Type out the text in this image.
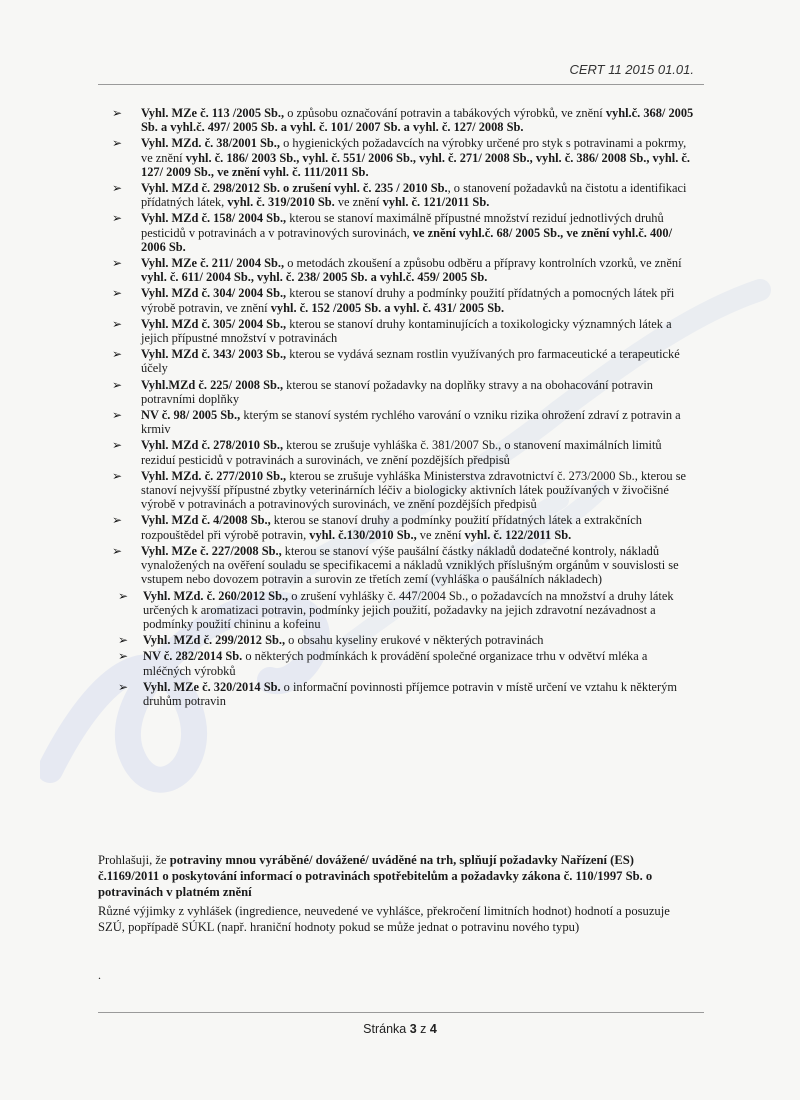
CERT 11 2015 01.01.
➢ Vyhl. MZe č. 113 /2005 Sb., o způsobu označování potravin a tabákových výrobků, ve znění vyhl.č. 368/ 2005 Sb. a vyhl.č. 497/ 2005 Sb. a vyhl. č. 101/ 2007 Sb. a vyhl. č. 127/ 2008 Sb.
➢ Vyhl. MZd. č. 38/2001 Sb., o hygienických požadavcích na výrobky určené pro styk s potravinami a pokrmy, ve znění vyhl. č. 186/ 2003 Sb., vyhl. č. 551/ 2006 Sb., vyhl. č. 271/ 2008 Sb., vyhl. č. 386/ 2008 Sb., vyhl. č. 127/ 2009 Sb., ve znění vyhl. č. 111/2011 Sb.
➢ Vyhl. MZd č. 298/2012 Sb. o zrušení vyhl. č. 235 / 2010 Sb., o stanovení požadavků na čistotu a identifikaci přídatných látek, vyhl. č. 319/2010 Sb. ve znění vyhl. č. 121/2011 Sb.
➢ Vyhl. MZd č. 158/ 2004 Sb., kterou se stanoví maximálně přípustné množství reziduí jednotlivých druhů pesticidů v potravinách a v potravinových surovinách, ve znění vyhl.č. 68/ 2005 Sb., ve znění vyhl.č. 400/ 2006 Sb.
➢ Vyhl. MZe č. 211/ 2004 Sb., o metodách zkoušení a způsobu odběru a přípravy kontrolních vzorků, ve znění vyhl. č. 611/ 2004 Sb., vyhl. č. 238/ 2005 Sb. a vyhl.č. 459/ 2005 Sb.
➢ Vyhl. MZd č. 304/ 2004 Sb., kterou se stanoví druhy a podmínky použití přídatných a pomocných látek při výrobě potravin, ve znění vyhl. č. 152 /2005 Sb. a vyhl. č. 431/ 2005 Sb.
➢ Vyhl. MZd č. 305/ 2004 Sb., kterou se stanoví druhy kontaminujících a toxikologicky významných látek a jejich přípustné množství v potravinách
➢ Vyhl. MZd č. 343/ 2003 Sb., kterou se vydává seznam rostlin využívaných pro farmaceutické a terapeutické účely
➢ Vyhl.MZd č. 225/ 2008 Sb., kterou se stanoví požadavky na doplňky stravy a na obohacování potravin potravními doplňky
➢ NV č. 98/ 2005 Sb., kterým se stanoví systém rychlého varování o vzniku rizika ohrožení zdraví z potravin a krmiv
➢ Vyhl. MZd č. 278/2010 Sb., kterou se zrušuje vyhláška č. 381/2007 Sb., o stanovení maximálních limitů reziduí pesticidů v potravinách a surovinách, ve znění pozdějších předpisů
➢ Vyhl. MZd. č. 277/2010 Sb., kterou se zrušuje vyhláška Ministerstva zdravotnictví č. 273/2000 Sb., kterou se stanoví nejvyšší přípustné zbytky veterinárních léčiv a biologicky aktivních látek používaných v živočišné výrobě v potravinách a potravinových surovinách, ve znění pozdějších předpisů
➢ Vyhl. MZd č. 4/2008 Sb., kterou se stanoví druhy a podmínky použití přídatných látek a extrakčních rozpouštědel při výrobě potravin, vyhl. č.130/2010 Sb., ve znění vyhl. č. 122/2011 Sb.
➢ Vyhl. MZe č. 227/2008 Sb., kterou se stanoví výše paušální částky nákladů dodatečné kontroly, nákladů vynaložených na ověření souladu se specifikacemi a nákladů vzniklých příslušným orgánům v souvislosti se vstupem nebo dovozem potravin a surovin ze třetích zemí (vyhláška o paušálních nákladech)
➢ Vyhl. MZd. č. 260/2012 Sb., o zrušení vyhlášky č. 447/2004 Sb., o požadavcích na množství a druhy látek určených k aromatizaci potravin, podmínky jejich použití, požadavky na jejich zdravotní nezávadnost a podmínky použití chininu a kofeinu
➢ Vyhl. MZd č. 299/2012 Sb., o obsahu kyseliny erukové v některých potravinách
➢ NV č. 282/2014 Sb. o některých podmínkách k provádění společné organizace trhu v odvětví mléka a mléčných výrobků
➢ Vyhl. MZe č. 320/2014 Sb. o informační povinnosti příjemce potravin v místě určení ve vztahu k některým druhům potravin

Prohlašuji, že potraviny mnou vyráběné/ dovážené/ uváděné na trh, splňují požadavky Nařízení (ES) č.1169/2011 o poskytování informací o potravinách spotřebitelům a požadavky zákona č. 110/1997 Sb. o potravinách v platném znění

Různé výjimky z vyhlášek (ingredience, neuvedené ve vyhlášce, překročení limitních hodnot) hodnotí a posuzuje SZÚ, popřípadě SÚKL (např. hraniční hodnoty pokud se může jednat o potravinu nového typu)

.
Stránka 3 z 4
